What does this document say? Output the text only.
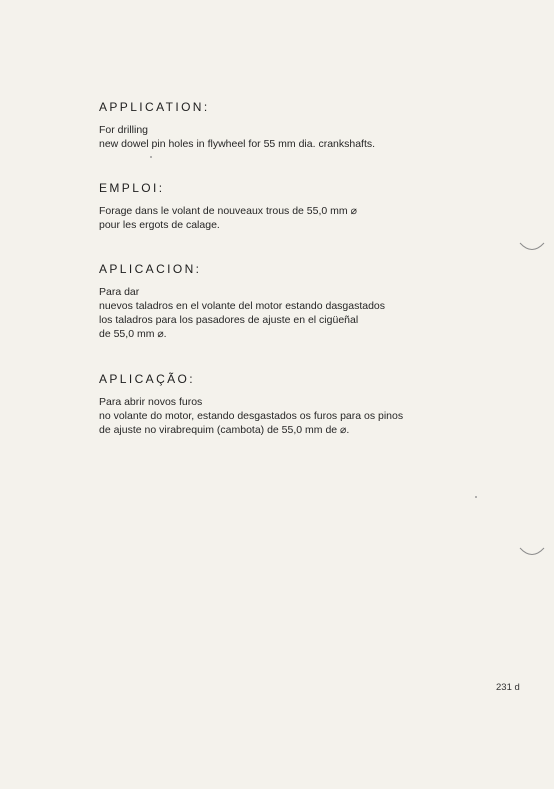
APPLICATION:
For drilling
new dowel pin holes in flywheel for 55 mm dia. crankshafts.
EMPLOI:
Forage dans le volant de nouveaux trous de 55,0 mm ⌀
pour les ergots de calage.
APLICACION:
Para dar
nuevos taladros en el volante del motor estando dasgastados
los taladros para los pasadores de ajuste en el cigüeñal
de 55,0 mm ⌀.
APLICAÇÃO:
Para abrir novos furos
no volante do motor, estando desgastados os furos para os pinos
de ajuste no virabrequim (cambota) de 55,0 mm de ⌀.
231 d
